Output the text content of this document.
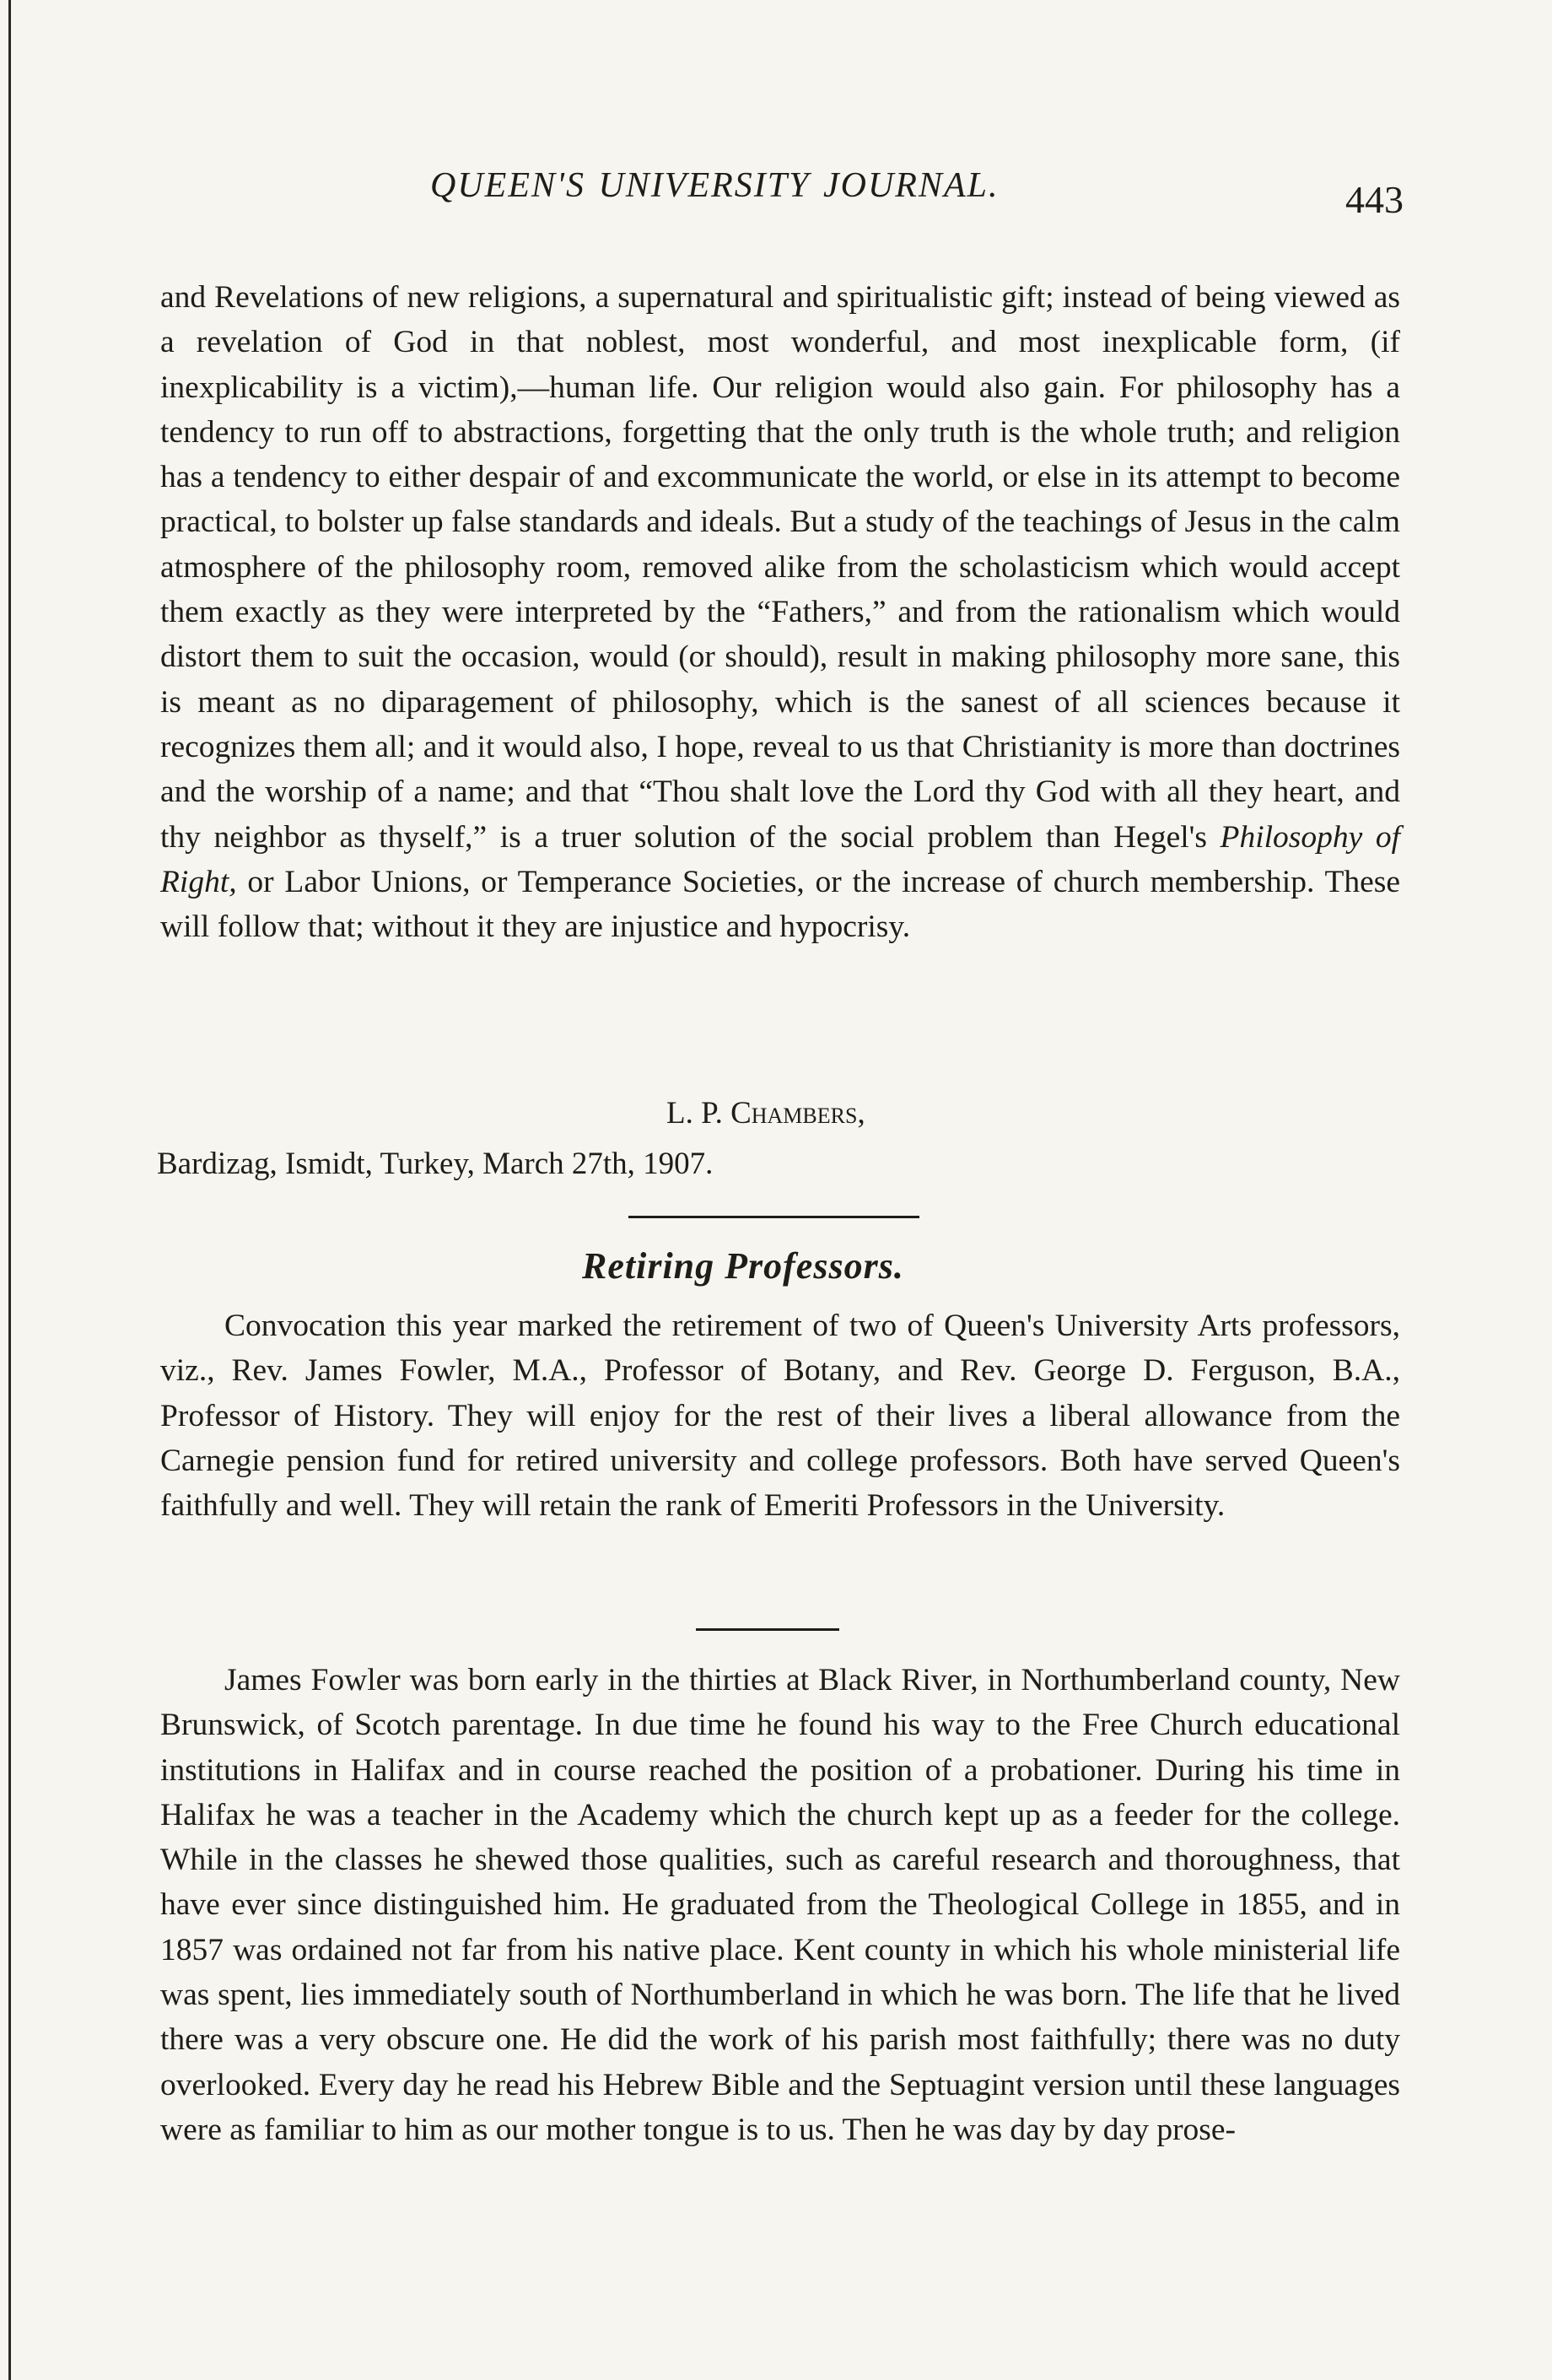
QUEEN'S UNIVERSITY JOURNAL.	443

and Revelations of new religions, a supernatural and spiritualistic gift; instead of being viewed as a revelation of God in that noblest, most wonderful, and most inexplicable form, (if inexplicability is a victim),—human life. Our religion would also gain. For philosophy has a tendency to run off to abstractions, forgetting that the only truth is the whole truth; and religion has a tendency to either despair of and excommunicate the world, or else in its attempt to become practical, to bolster up false standards and ideals. But a study of the teachings of Jesus in the calm atmosphere of the philosophy room, removed alike from the scholasticism which would accept them exactly as they were interpreted by the “Fathers,” and from the rationalism which would distort them to suit the occasion, would (or should), result in making philosophy more sane, this is meant as no diparagement of philosophy, which is the sanest of all sciences because it recognizes them all; and it would also, I hope, reveal to us that Christianity is more than doctrines and the worship of a name; and that “Thou shalt love the Lord thy God with all they heart, and thy neighbor as thyself,” is a truer solution of the social problem than Hegel's Philosophy of Right, or Labor Unions, or Temperance Societies, or the increase of church membership. These will follow that; without it they are injustice and hypocrisy.

L. P. Chambers,
Bardizag, Ismidt, Turkey, March 27th, 1907.
Retiring Professors.

Convocation this year marked the retirement of two of Queen's University Arts professors, viz., Rev. James Fowler, M.A., Professor of Botany, and Rev. George D. Ferguson, B.A., Professor of History. They will enjoy for the rest of their lives a liberal allowance from the Carnegie pension fund for retired university and college professors. Both have served Queen's faithfully and well. They will retain the rank of Emeriti Professors in the University.

James Fowler was born early in the thirties at Black River, in Northumberland county, New Brunswick, of Scotch parentage. In due time he found his way to the Free Church educational institutions in Halifax and in course reached the position of a probationer. During his time in Halifax he was a teacher in the Academy which the church kept up as a feeder for the college. While in the classes he shewed those qualities, such as careful research and thoroughness, that have ever since distinguished him. He graduated from the Theological College in 1855, and in 1857 was ordained not far from his native place. Kent county in which his whole ministerial life was spent, lies immediately south of Northumberland in which he was born. The life that he lived there was a very obscure one. He did the work of his parish most faithfully; there was no duty overlooked. Every day he read his Hebrew Bible and the Septuagint version until these languages were as familiar to him as our mother tongue is to us. Then he was day by day prose-
